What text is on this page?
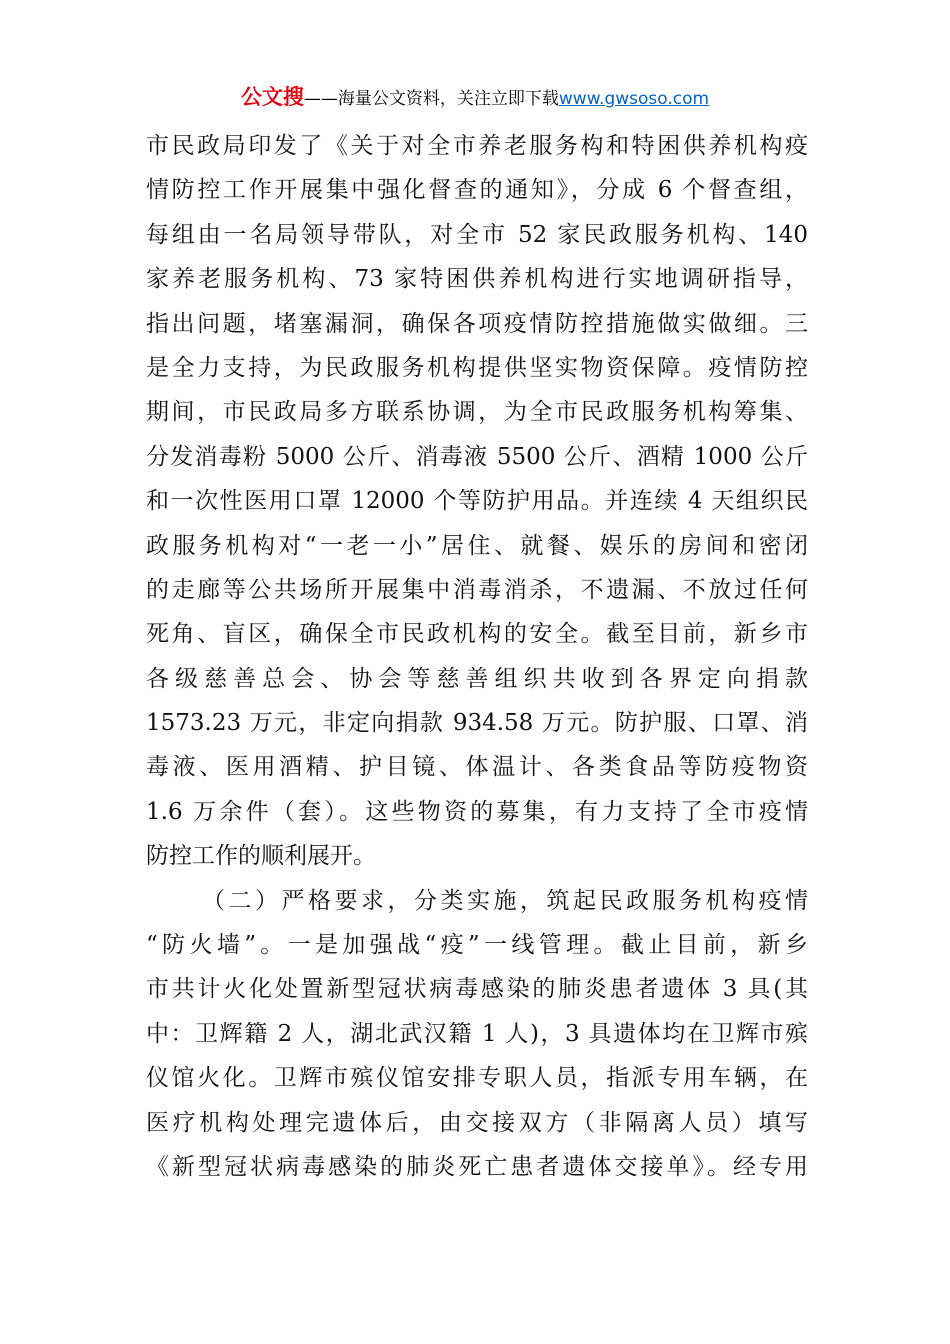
公文搜——海量公文资料，关注立即下载www.gwsoso.com
市民政局印发了《关于对全市养老服务构和特困供养机构疫
情防控工作开展集中强化督查的通知》，分成 6 个督查组，
每组由一名局领导带队，对全市 52 家民政服务机构、140
家养老服务机构、73 家特困供养机构进行实地调研指导，
指出问题，堵塞漏洞，确保各项疫情防控措施做实做细。三
是全力支持，为民政服务机构提供坚实物资保障。疫情防控
期间，市民政局多方联系协调，为全市民政服务机构筹集、
分发消毒粉 5000 公斤、消毒液 5500 公斤、酒精 1000 公斤
和一次性医用口罩 12000 个等防护用品。并连续 4 天组织民
政服务机构对“一老一小”居住、就餐、娱乐的房间和密闭
的走廊等公共场所开展集中消毒消杀，不遗漏、不放过任何
死角、盲区，确保全市民政机构的安全。截至目前，新乡市
各级慈善总会、协会等慈善组织共收到各界定向捐款
1573.23 万元，非定向捐款 934.58 万元。防护服、口罩、消
毒液、医用酒精、护目镜、体温计、各类食品等防疫物资
1.6 万余件（套）。这些物资的募集，有力支持了全市疫情
防控工作的顺利展开。
（二）严格要求，分类实施，筑起民政服务机构疫情
“防火墙”。一是加强战“疫”一线管理。截止目前，新乡
市共计火化处置新型冠状病毒感染的肺炎患者遗体 3 具(其
中：卫辉籍 2 人，湖北武汉籍 1 人)，3 具遗体均在卫辉市殡
仪馆火化。卫辉市殡仪馆安排专职人员，指派专用车辆，在
医疗机构处理完遗体后，由交接双方（非隔离人员）填写
《新型冠状病毒感染的肺炎死亡患者遗体交接单》。经专用
